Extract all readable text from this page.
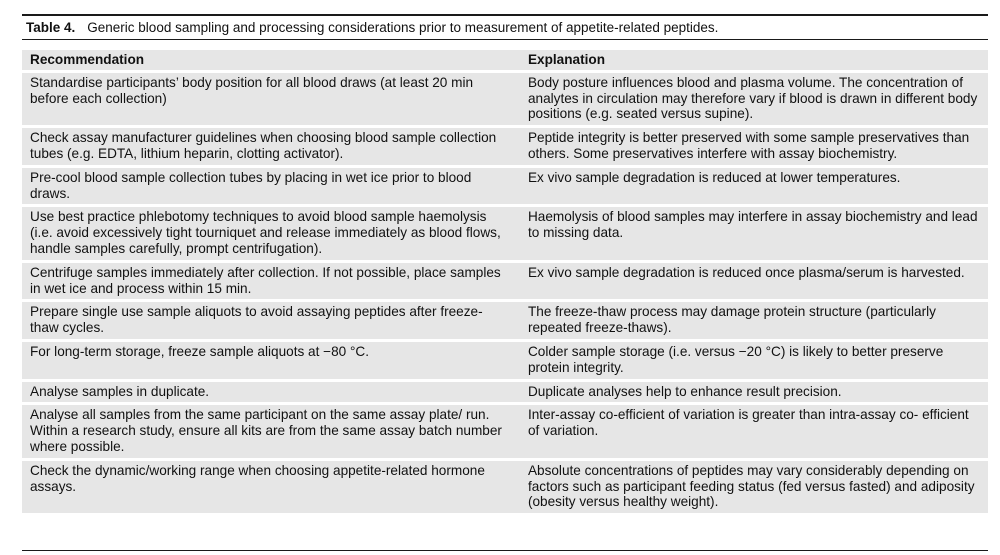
Table 4. Generic blood sampling and processing considerations prior to measurement of appetite-related peptides.
Recommendation	Explanation
Standardise participants’ body position for all blood draws (at least 20 min before each collection)	Body posture influences blood and plasma volume. The concentration of analytes in circulation may therefore vary if blood is drawn in different body positions (e.g. seated versus supine).
Check assay manufacturer guidelines when choosing blood sample collection tubes (e.g. EDTA, lithium heparin, clotting activator).	Peptide integrity is better preserved with some sample preservatives than others. Some preservatives interfere with assay biochemistry.
Pre-cool blood sample collection tubes by placing in wet ice prior to blood draws.	Ex vivo sample degradation is reduced at lower temperatures.
Use best practice phlebotomy techniques to avoid blood sample haemolysis (i.e. avoid excessively tight tourniquet and release immediately as blood flows, handle samples carefully, prompt centrifugation).	Haemolysis of blood samples may interfere in assay biochemistry and lead to missing data.
Centrifuge samples immediately after collection. If not possible, place samples in wet ice and process within 15 min.	Ex vivo sample degradation is reduced once plasma/serum is harvested.
Prepare single use sample aliquots to avoid assaying peptides after freeze-thaw cycles.	The freeze-thaw process may damage protein structure (particularly repeated freeze-thaws).
For long-term storage, freeze sample aliquots at −80 °C.	Colder sample storage (i.e. versus −20 °C) is likely to better preserve protein integrity.
Analyse samples in duplicate.	Duplicate analyses help to enhance result precision.
Analyse all samples from the same participant on the same assay plate/ run. Within a research study, ensure all kits are from the same assay batch number where possible.	Inter-assay co-efficient of variation is greater than intra-assay co- efficient of variation.
Check the dynamic/working range when choosing appetite-related hormone assays.	Absolute concentrations of peptides may vary considerably depending on factors such as participant feeding status (fed versus fasted) and adiposity (obesity versus healthy weight).
